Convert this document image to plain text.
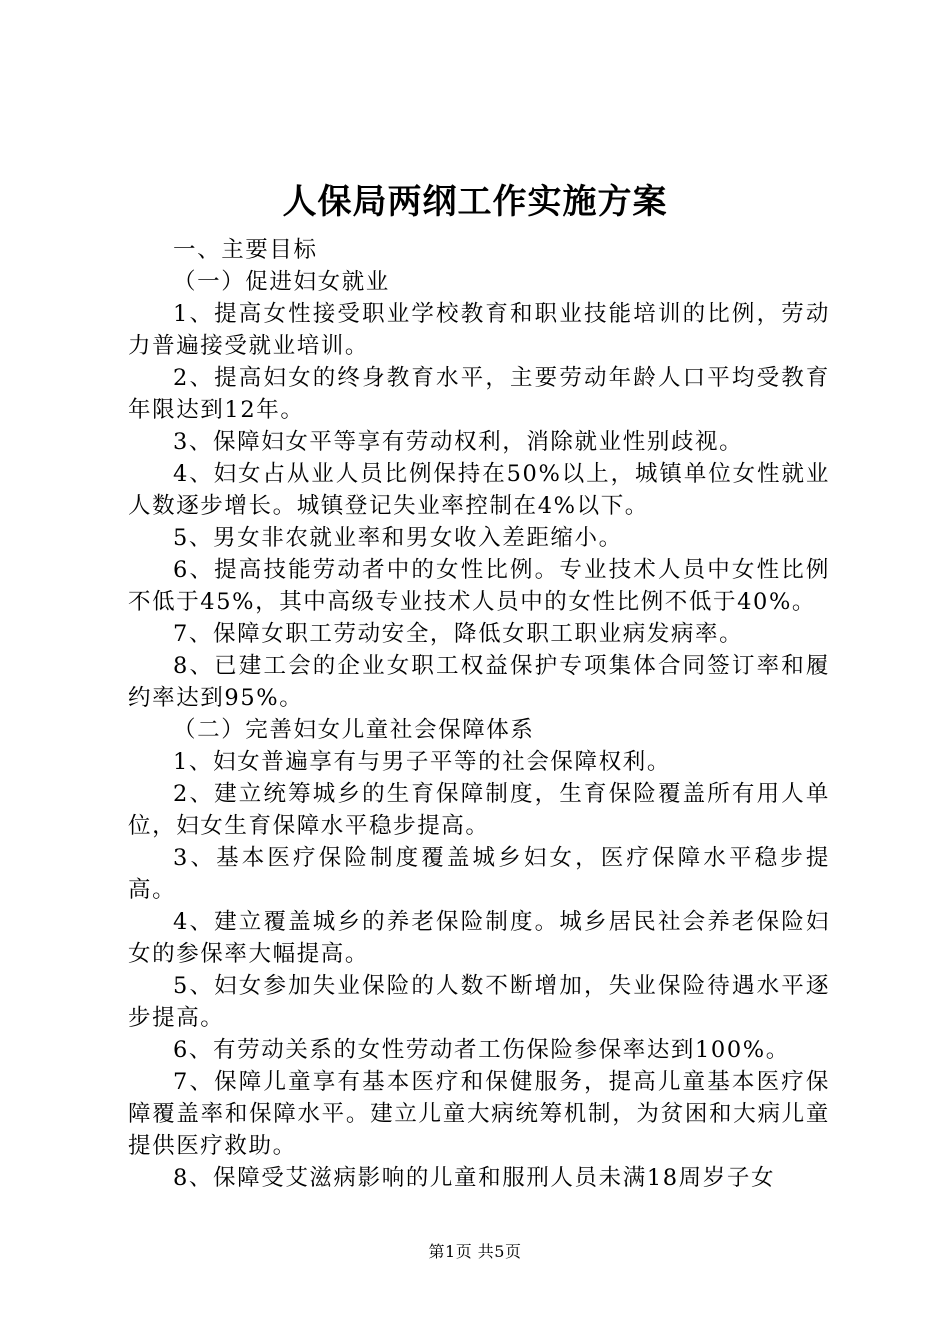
人保局两纲工作实施方案

一、主要目标

（一）促进妇女就业

1、提高女性接受职业学校教育和职业技能培训的比例，劳动力普遍接受就业培训。

2、提高妇女的终身教育水平，主要劳动年龄人口平均受教育年限达到12年。

3、保障妇女平等享有劳动权利，消除就业性别歧视。

4、妇女占从业人员比例保持在50%以上，城镇单位女性就业人数逐步增长。城镇登记失业率控制在4%以下。

5、男女非农就业率和男女收入差距缩小。

6、提高技能劳动者中的女性比例。专业技术人员中女性比例不低于45%，其中高级专业技术人员中的女性比例不低于40%。

7、保障女职工劳动安全，降低女职工职业病发病率。

8、已建工会的企业女职工权益保护专项集体合同签订率和履约率达到95%。

（二）完善妇女儿童社会保障体系

1、妇女普遍享有与男子平等的社会保障权利。

2、建立统筹城乡的生育保障制度，生育保险覆盖所有用人单位，妇女生育保障水平稳步提高。

3、基本医疗保险制度覆盖城乡妇女，医疗保障水平稳步提高。

4、建立覆盖城乡的养老保险制度。城乡居民社会养老保险妇女的参保率大幅提高。

5、妇女参加失业保险的人数不断增加，失业保险待遇水平逐步提高。

6、有劳动关系的女性劳动者工伤保险参保率达到100%。

7、保障儿童享有基本医疗和保健服务，提高儿童基本医疗保障覆盖率和保障水平。建立儿童大病统筹机制，为贫困和大病儿童提供医疗救助。

8、保障受艾滋病影响的儿童和服刑人员未满18周岁子女

第1页 共5页
